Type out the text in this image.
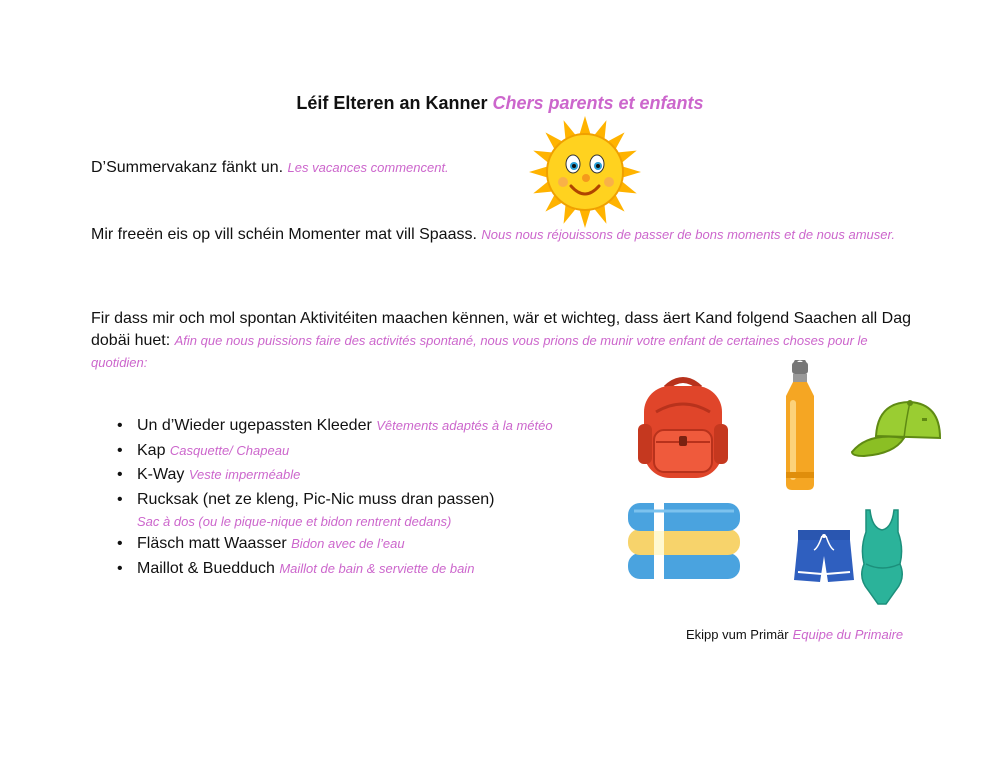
Léif Elteren an Kanner Chers parents et enfants
D’Summervakanz fänkt un. Les vacances commencent.
Mir freeën eis op vill schéin Momenter mat vill Spaass. Nous nous réjouissons de passer de bons moments et de nous amuser.
Fir dass mir och mol spontan Aktivitéiten maachen kënnen, wär et wichteg, dass äert Kand folgend Saachen all Dag dobäi huet: Afin que nous puissions faire des activités spontané, nous vous prions de munir votre enfant de certaines choses pour le quotidien:
• Un d’Wieder ugepassten Kleeder Vêtements adaptés à la météo
• Kap Casquette/ Chapeau
• K-Way Veste imperméable
• Rucksak (net ze kleng, Pic-Nic muss dran passen)
Sac à dos (ou le pique-nique et bidon rentrent dedans)
• Fläsch matt Waasser Bidon avec de l’eau
• Maillot & Buedduch Maillot de bain & serviette de bain
Ekipp vum Primär Equipe du Primaire
